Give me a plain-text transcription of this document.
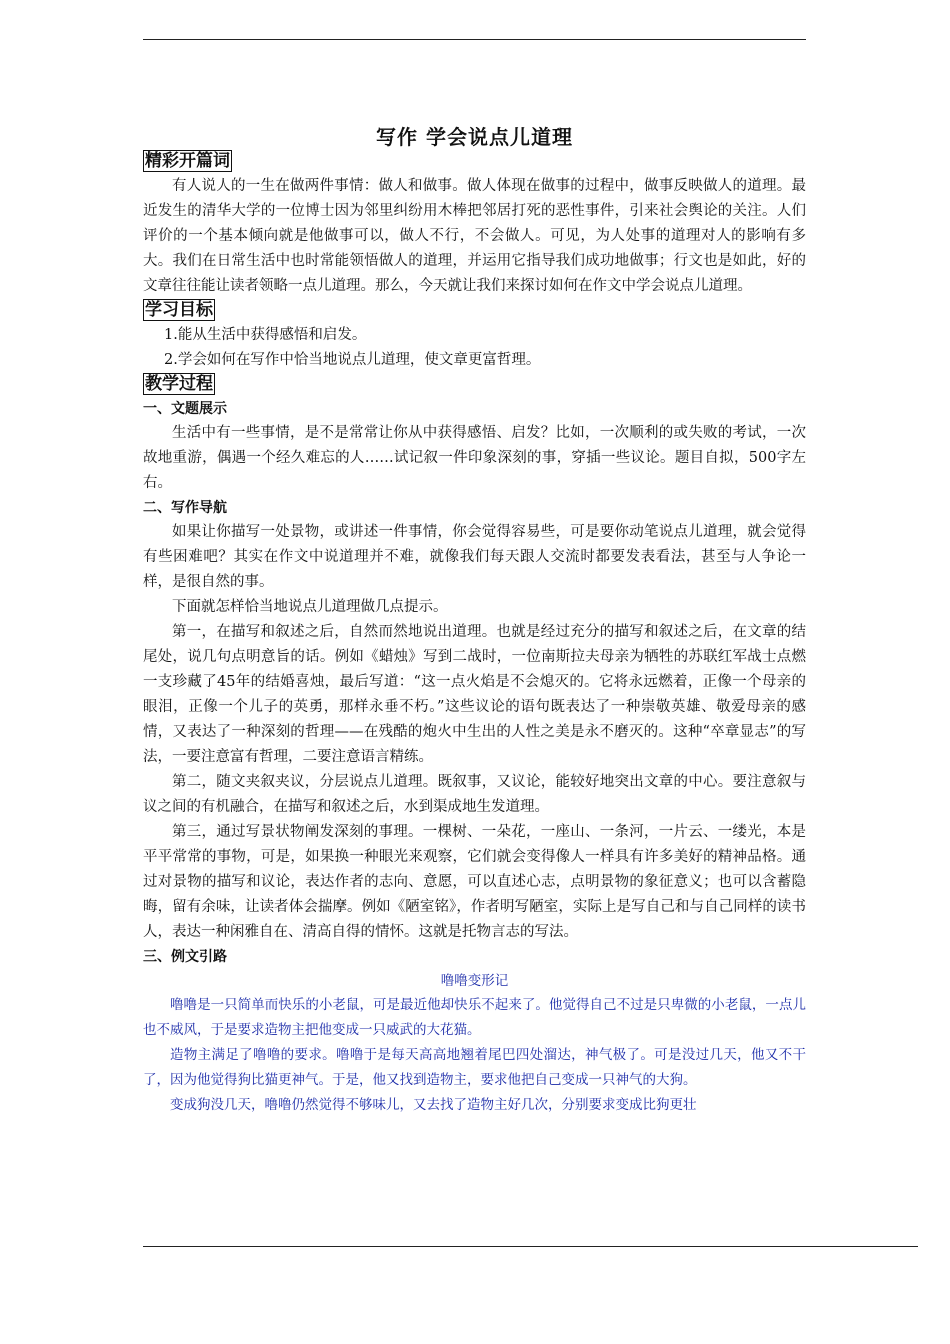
写作 学会说点儿道理
精彩开篇词

有人说人的一生在做两件事情：做人和做事。做人体现在做事的过程中，做事反映做人的道理。最近发生的清华大学的一位博士因为邻里纠纷用木棒把邻居打死的恶性事件，引来社会舆论的关注。人们评价的一个基本倾向就是他做事可以，做人不行，不会做人。可见，为人处事的道理对人的影响有多大。我们在日常生活中也时常能领悟做人的道理，并运用它指导我们成功地做事；行文也是如此，好的文章往往能让读者领略一点儿道理。那么，今天就让我们来探讨如何在作文中学会说点儿道理。

学习目标

1.能从生活中获得感悟和启发。

2.学会如何在写作中恰当地说点儿道理，使文章更富哲理。

教学过程
一、文题展示

生活中有一些事情，是不是常常让你从中获得感悟、启发？比如，一次顺利的或失败的考试，一次故地重游，偶遇一个经久难忘的人……试记叙一件印象深刻的事，穿插一些议论。题目自拟，500字左右。

二、写作导航

如果让你描写一处景物，或讲述一件事情，你会觉得容易些，可是要你动笔说点儿道理，就会觉得有些困难吧？其实在作文中说道理并不难，就像我们每天跟人交流时都要发表看法，甚至与人争论一样，是很自然的事。

下面就怎样恰当地说点儿道理做几点提示。

第一，在描写和叙述之后，自然而然地说出道理。也就是经过充分的描写和叙述之后，在文章的结尾处，说几句点明意旨的话。例如《蜡烛》写到二战时，一位南斯拉夫母亲为牺牲的苏联红军战士点燃一支珍藏了45年的结婚喜烛，最后写道：“这一点火焰是不会熄灭的。它将永远燃着，正像一个母亲的眼泪，正像一个儿子的英勇，那样永垂不朽。”这些议论的语句既表达了一种崇敬英雄、敬爱母亲的感情，又表达了一种深刻的哲理——在残酷的炮火中生出的人性之美是永不磨灭的。这种“卒章显志”的写法，一要注意富有哲理，二要注意语言精练。

第二，随文夹叙夹议，分层说点儿道理。既叙事，又议论，能较好地突出文章的中心。要注意叙与议之间的有机融合，在描写和叙述之后，水到渠成地生发道理。

第三，通过写景状物阐发深刻的事理。一棵树、一朵花，一座山、一条河，一片云、一缕光，本是平平常常的事物，可是，如果换一种眼光来观察，它们就会变得像人一样具有许多美好的精神品格。通过对景物的描写和议论，表达作者的志向、意愿，可以直述心志，点明景物的象征意义；也可以含蓄隐晦，留有余味，让读者体会揣摩。例如《陋室铭》，作者明写陋室，实际上是写自己和与自己同样的读书人，表达一种闲雅自在、清高自得的情怀。这就是托物言志的写法。

三、例文引路
噜噜变形记

噜噜是一只简单而快乐的小老鼠，可是最近他却快乐不起来了。他觉得自己不过是只卑微的小老鼠，一点儿也不威风，于是要求造物主把他变成一只威武的大花猫。

造物主满足了噜噜的要求。噜噜于是每天高高地翘着尾巴四处溜达，神气极了。可是没过几天，他又不干了，因为他觉得狗比猫更神气。于是，他又找到造物主，要求他把自己变成一只神气的大狗。

变成狗没几天，噜噜仍然觉得不够味儿，又去找了造物主好几次，分别要求变成比狗更壮
